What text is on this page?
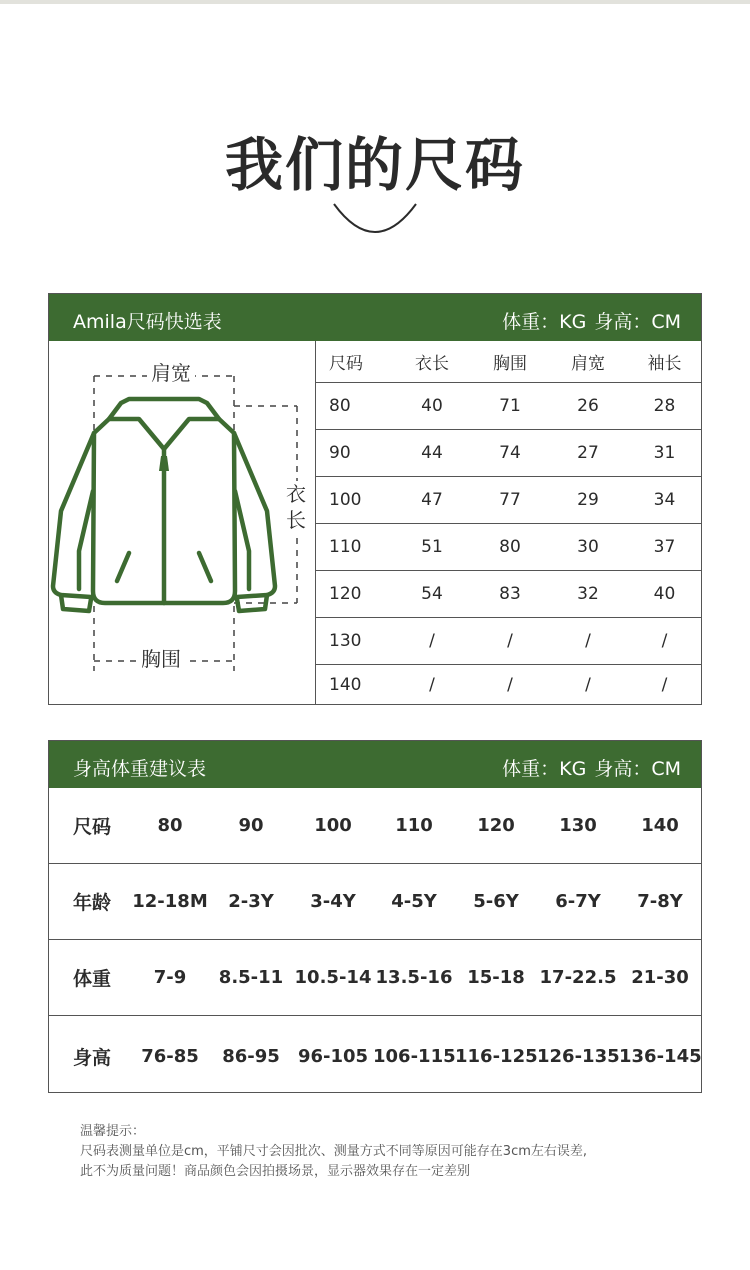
我们的尺码
Amila尺码快选表	体重：KG 身高：CM
肩宽
衣长
胸围
尺码	衣长	胸围	肩宽	袖长
80	40	71	26	28
90	44	74	27	31
100	47	77	29	34
110	51	80	30	37
120	54	83	32	40
130	/	/	/	/
140	/	/	/	/
身高体重建议表	体重：KG 身高：CM
尺码	80	90	100	110	120	130	140
年龄	12-18M	2-3Y	3-4Y	4-5Y	5-6Y	6-7Y	7-8Y
体重	7-9	8.5-11	10.5-14	13.5-16	15-18	17-22.5	21-30
身高	76-85	86-95	96-105	106-115	116-125	126-135	136-145
温馨提示：
尺码表测量单位是cm，平铺尺寸会因批次、测量方式不同等原因可能存在3cm左右误差,
此不为质量问题！商品颜色会因拍摄场景，显示器效果存在一定差别
